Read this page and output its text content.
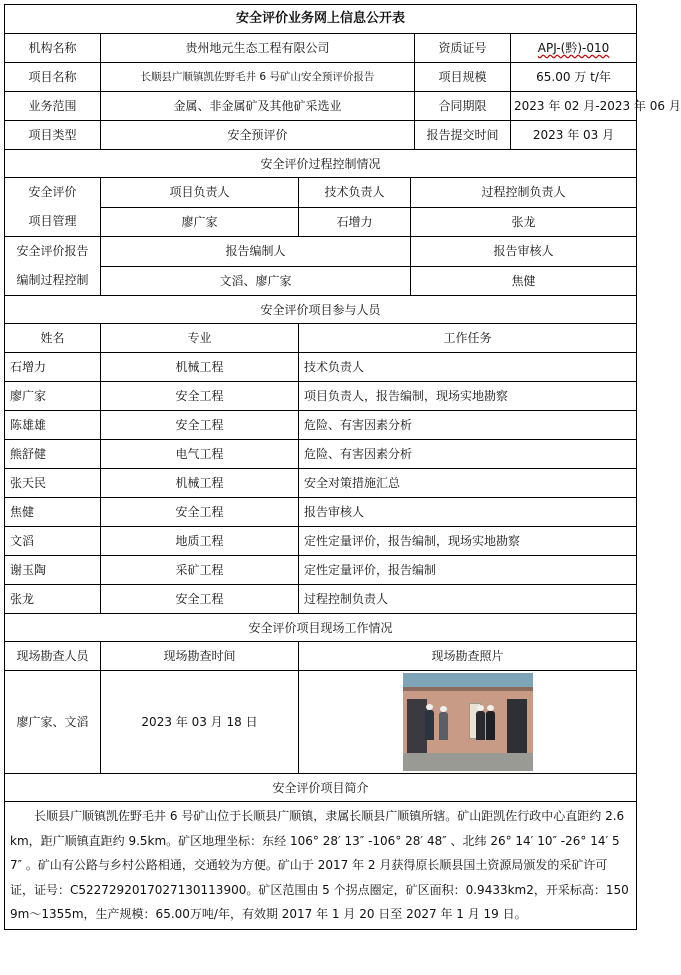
安全评价业务网上信息公开表					
机构名称	贵州地元生态工程有限公司			资质证号	APJ-(黔)-010
项目名称	长顺县广顺镇凯佐野毛井 6 号矿山安全预评价报告			项目规模	65.00 万 t/年
业务范围	金属、非金属矿及其他矿采选业			合同期限	2023 年 02 月-2023 年 06 月
项目类型	安全预评价			报告提交时间	2023 年 03 月
安全评价过程控制情况					

安全评价
项目管理	项目负责人	技术负责人	过程控制负责人		
	廖广家	石增力	张龙		

安全评价报告
编制过程控制	报告编制人		报告审核人		
	文滔、廖广家		焦健		
安全评价项目参与人员					
姓名	专业	工作任务			
石增力	机械工程	技术负责人			
廖广家	安全工程	项目负责人，报告编制，现场实地勘察			
陈雄雄	安全工程	危险、有害因素分析			
熊舒健	电气工程	危险、有害因素分析			
张天民	机械工程	安全对策措施汇总			
焦健	安全工程	报告审核人			
文滔	地质工程	定性定量评价，报告编制，现场实地勘察			
谢玉陶	采矿工程	定性定量评价，报告编制			
张龙	安全工程	过程控制负责人			
安全评价项目现场工作情况					
现场勘查人员	现场勘查时间	现场勘查照片			
廖广家、文滔	2023 年 03 月 18 日				

安全评价项目简介					
长顺县广顺镇凯佐野毛井 6 号矿山位于长顺县广顺镇，隶属长顺县广顺镇所辖。矿山距凯佐行政中心直距约 2.6km，距广顺镇直距约 9.5km。矿区地理坐标：东经 106° 28′ 13″ -106° 28′ 48″ 、北纬 26° 14′ 10″ -26° 14′ 57″ 。矿山有公路与乡村公路相通，交通较为方便。矿山于 2017 年 2 月获得原长顺县国土资源局颁发的采矿许可证，证号：C5227292017027130113900。矿区范围由 5 个拐点圈定，矿区面积：0.9433km2，开采标高：1509m～1355m，生产规模：65.00万吨/年，有效期 2017 年 1 月 20 日至 2027 年 1 月 19 日。					
